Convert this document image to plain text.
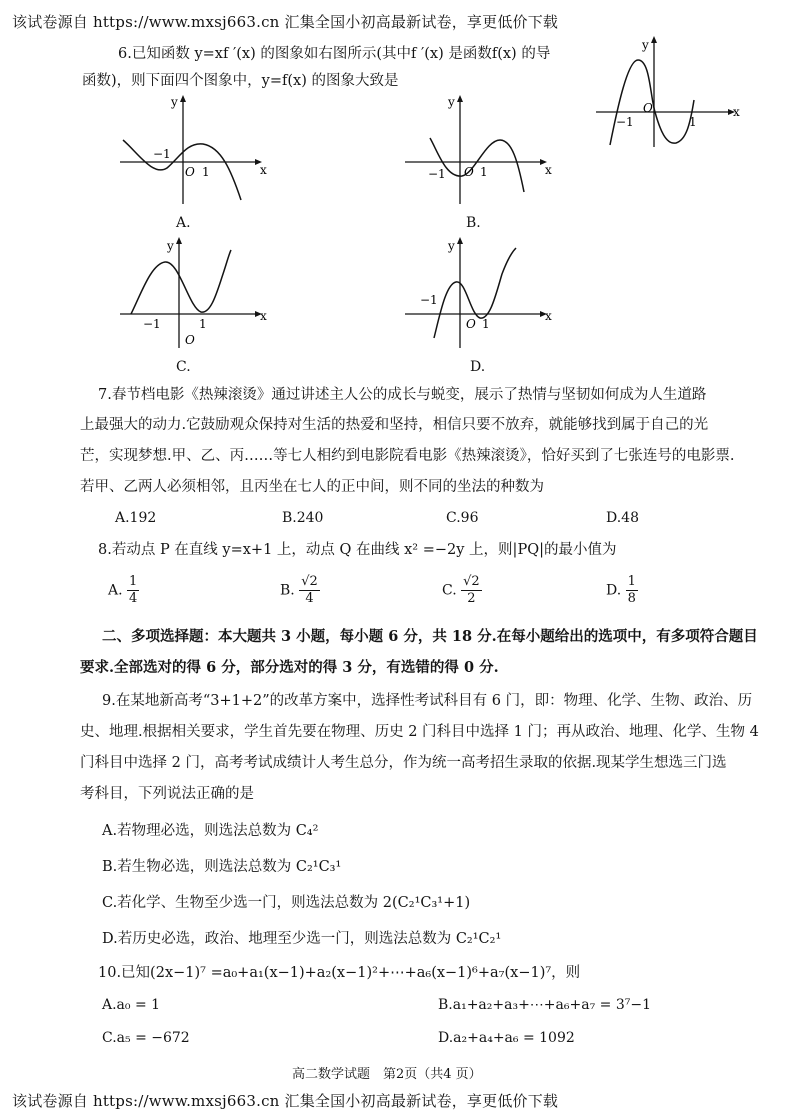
该试卷源自 https://www.mxsj663.cn 汇集全国小初高最新试卷，享更低价下载
6.已知函数 y=xf ′(x) 的图象如右图所示(其中f ′(x) 是函数f(x) 的导
函数)，则下面四个图象中，y=f(x) 的图象大致是
y
x
−1
O
1
y
x
−1
O 1
A.
y
x
−1 O 1
B.
y
x
−1
O
1
C.
y
x
−1
O 1
D.
7.春节档电影《热辣滚烫》通过讲述主人公的成长与蜕变，展示了热情与坚韧如何成为人生道路
上最强大的动力.它鼓励观众保持对生活的热爱和坚持，相信只要不放弃，就能够找到属于自己的光
芒，实现梦想.甲、乙、丙……等七人相约到电影院看电影《热辣滚烫》，恰好买到了七张连号的电影票.
若甲、乙两人必须相邻，且丙坐在七人的正中间，则不同的坐法的种数为
A.192	B.240	C.96	D.48
8.若动点 P 在直线 y=x+1 上，动点 Q 在曲线 x² =−2y 上，则|PQ|的最小值为
A. $\frac{1}{4}$	B. $\frac{√2}{4}$	C. $\frac{√2}{2}$	D. $\frac{1}{8}$
二、多项选择题：本大题共 3 小题，每小题 6 分，共 18 分.在每小题给出的选项中，有多项符合题目
要求.全部选对的得 6 分，部分选对的得 3 分，有选错的得 0 分.
9.在某地新高考“3+1+2”的改革方案中，选择性考试科目有 6 门，即：物理、化学、生物、政治、历
史、地理.根据相关要求，学生首先要在物理、历史 2 门科目中选择 1 门；再从政治、地理、化学、生物 4
门科目中选择 2 门，高考考试成绩计人考生总分，作为统一高考招生录取的依据.现某学生想选三门选
考科目，下列说法正确的是
A.若物理必选，则选法总数为 C₄²
B.若生物必选，则选法总数为 C₂¹C₃¹
C.若化学、生物至少选一门，则选法总数为 2(C₂¹C₃¹+1)
D.若历史必选，政治、地理至少选一门，则选法总数为 C₂¹C₂¹
10.已知(2x−1)⁷ =a₀+a₁(x−1)+a₂(x−1)²+⋯+a₆(x−1)⁶+a₇(x−1)⁷，则
A.a₀ = 1	B.a₁+a₂+a₃+⋯+a₆+a₇ = 3⁷−1
C.a₅ = −672	D.a₂+a₄+a₆ = 1092
高二数学试题　第2页（共4 页）
该试卷源自 https://www.mxsj663.cn 汇集全国小初高最新试卷，享更低价下载
